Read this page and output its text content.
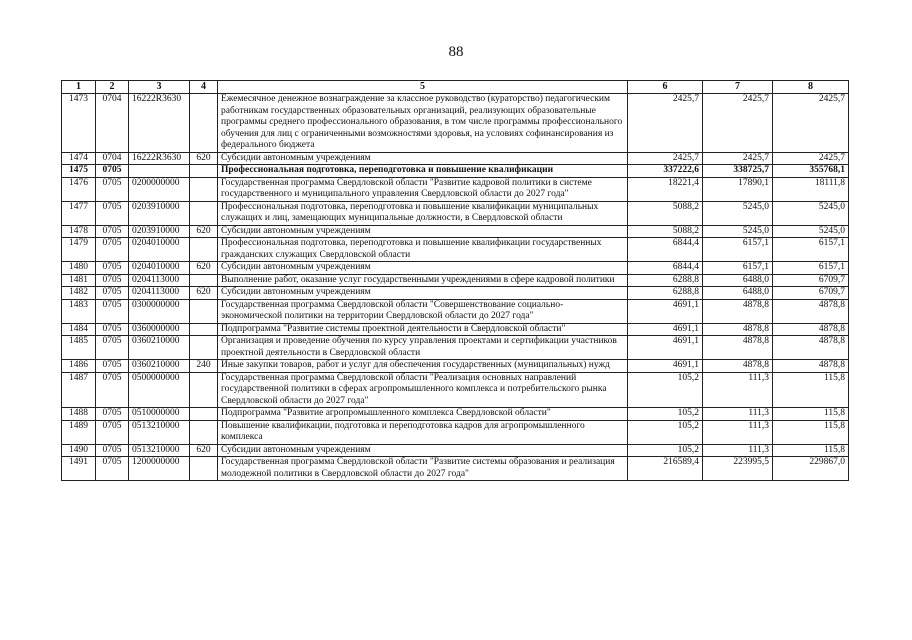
88
1	2	3	4	5	6	7	8
1473	0704	16222R3630		Ежемесячное денежное вознаграждение за классное руководство (кураторство) педагогическим работникам государственных образовательных организаций, реализующих образовательные программы среднего профессионального образования, в том числе программы профессионального обучения для лиц с ограниченными возможностями здоровья, на условиях софинансирования из федерального бюджета	2425,7	2425,7	2425,7
1474	0704	16222R3630	620	Субсидии автономным учреждениям	2425,7	2425,7	2425,7
1475	0705			Профессиональная подготовка, переподготовка и повышение квалификации	337222,6	338725,7	355768,1
1476	0705	0200000000		Государственная программа Свердловской области "Развитие кадровой политики в системе государственного и муниципального управления Свердловской области до 2027 года"	18221,4	17890,1	18111,8
1477	0705	0203910000		Профессиональная подготовка, переподготовка и повышение квалификации муниципальных служащих и лиц, замещающих муниципальные должности, в Свердловской области	5088,2	5245,0	5245,0
1478	0705	0203910000	620	Субсидии автономным учреждениям	5088,2	5245,0	5245,0
1479	0705	0204010000		Профессиональная подготовка, переподготовка и повышение квалификации государственных гражданских служащих Свердловской области	6844,4	6157,1	6157,1
1480	0705	0204010000	620	Субсидии автономным учреждениям	6844,4	6157,1	6157,1
1481	0705	0204113000		Выполнение работ, оказание услуг государственными учреждениями в сфере кадровой политики	6288,8	6488,0	6709,7
1482	0705	0204113000	620	Субсидии автономным учреждениям	6288,8	6488,0	6709,7
1483	0705	0300000000		Государственная программа Свердловской области "Совершенствование социально-экономической политики на территории Свердловской области до 2027 года"	4691,1	4878,8	4878,8
1484	0705	0360000000		Подпрограмма "Развитие системы проектной деятельности в Свердловской области"	4691,1	4878,8	4878,8
1485	0705	0360210000		Организация и проведение обучения по курсу управления проектами и сертификации участников проектной деятельности в Свердловской области	4691,1	4878,8	4878,8
1486	0705	0360210000	240	Иные закупки товаров, работ и услуг для обеспечения государственных (муниципальных) нужд	4691,1	4878,8	4878,8
1487	0705	0500000000		Государственная программа Свердловской области "Реализация основных направлений государственной политики в сферах агропромышленного комплекса и потребительского рынка Свердловской области до 2027 года"	105,2	111,3	115,8
1488	0705	0510000000		Подпрограмма "Развитие агропромышленного комплекса Свердловской области"	105,2	111,3	115,8
1489	0705	0513210000		Повышение квалификации, подготовка и переподготовка кадров для агропромышленного комплекса	105,2	111,3	115,8
1490	0705	0513210000	620	Субсидии автономным учреждениям	105,2	111,3	115,8
1491	0705	1200000000		Государственная программа Свердловской области "Развитие системы образования и реализация молодежной политики в Свердловской области до 2027 года"	216589,4	223995,5	229867,0
